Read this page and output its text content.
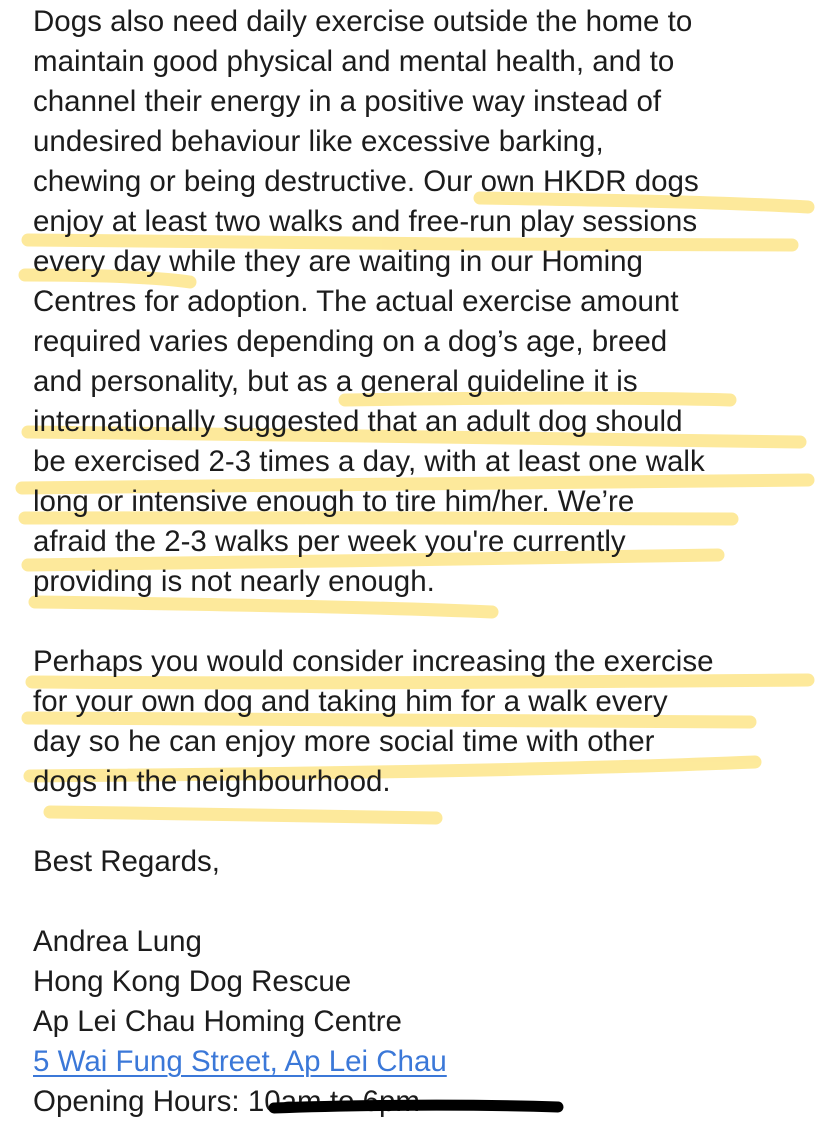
Dogs also need daily exercise outside the home to
maintain good physical and mental health, and to
channel their energy in a positive way instead of
undesired behaviour like excessive barking,
chewing or being destructive. Our own HKDR dogs
enjoy at least two walks and free-run play sessions
every day while they are waiting in our Homing
Centres for adoption. The actual exercise amount
required varies depending on a dog’s age, breed
and personality, but as a general guideline it is
internationally suggested that an adult dog should
be exercised 2-3 times a day, with at least one walk
long or intensive enough to tire him/her. We’re
afraid the 2-3 walks per week you're currently
providing is not nearly enough.
Perhaps you would consider increasing the exercise
for your own dog and taking him for a walk every
day so he can enjoy more social time with other
dogs in the neighbourhood.
Best Regards,
Andrea Lung
Hong Kong Dog Rescue
Ap Lei Chau Homing Centre
5 Wai Fung Street, Ap Lei Chau
Opening Hours: 10am to 6pm
